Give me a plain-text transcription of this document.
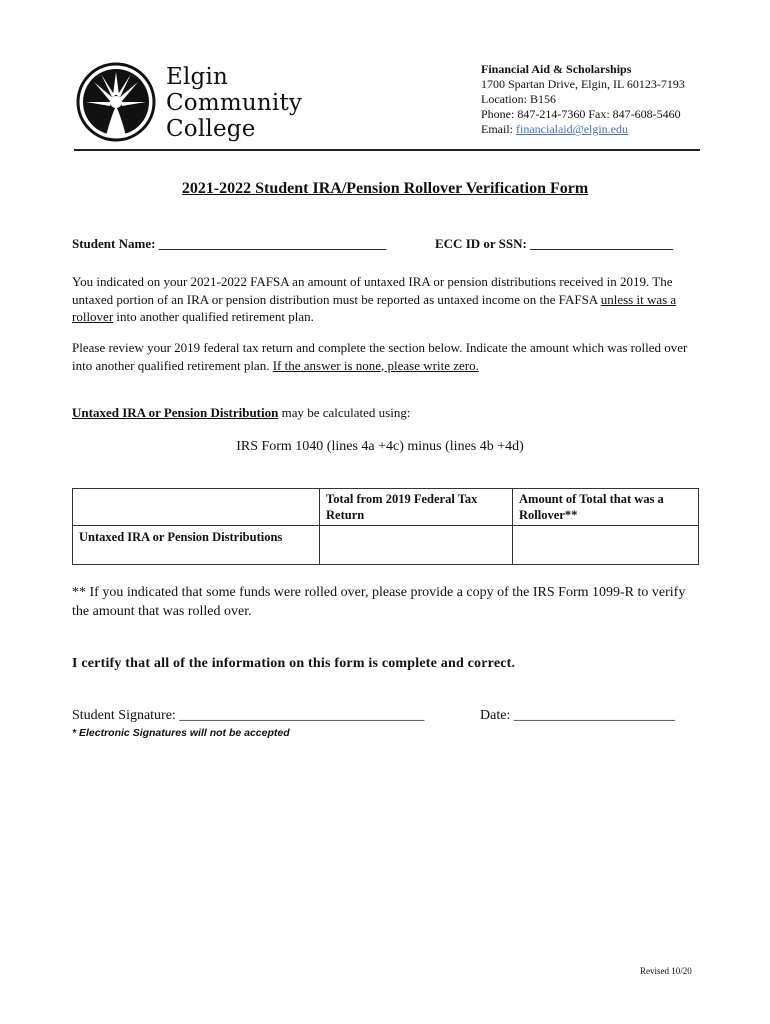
Elgin
Community
College
Financial Aid & Scholarships
1700 Spartan Drive, Elgin, IL 60123-7193
Location: B156
Phone: 847-214-7360 Fax: 847-608-5460
Email: financialaid@elgin.edu
2021-2022 Student IRA/Pension Rollover Verification Form
Student Name: ___________________________________	ECC ID or SSN: ______________________
You indicated on your 2021-2022 FAFSA an amount of untaxed IRA or pension distributions received in 2019. The untaxed portion of an IRA or pension distribution must be reported as untaxed income on the FAFSA unless it was a rollover into another qualified retirement plan.
Please review your 2019 federal tax return and complete the section below. Indicate the amount which was rolled over into another qualified retirement plan. If the answer is none, please write zero.
Untaxed IRA or Pension Distribution may be calculated using:
IRS Form 1040 (lines 4a +4c) minus (lines 4b +4d)
	Total from 2019 Federal Tax Return	Amount of Total that was a Rollover**
Untaxed IRA or Pension Distributions		
** If you indicated that some funds were rolled over, please provide a copy of the IRS Form 1099-R to verify the amount that was rolled over.
I certify that all of the information on this form is complete and correct.
Student Signature: ___________________________________	Date: _______________________
* Electronic Signatures will not be accepted
Revised 10/20
